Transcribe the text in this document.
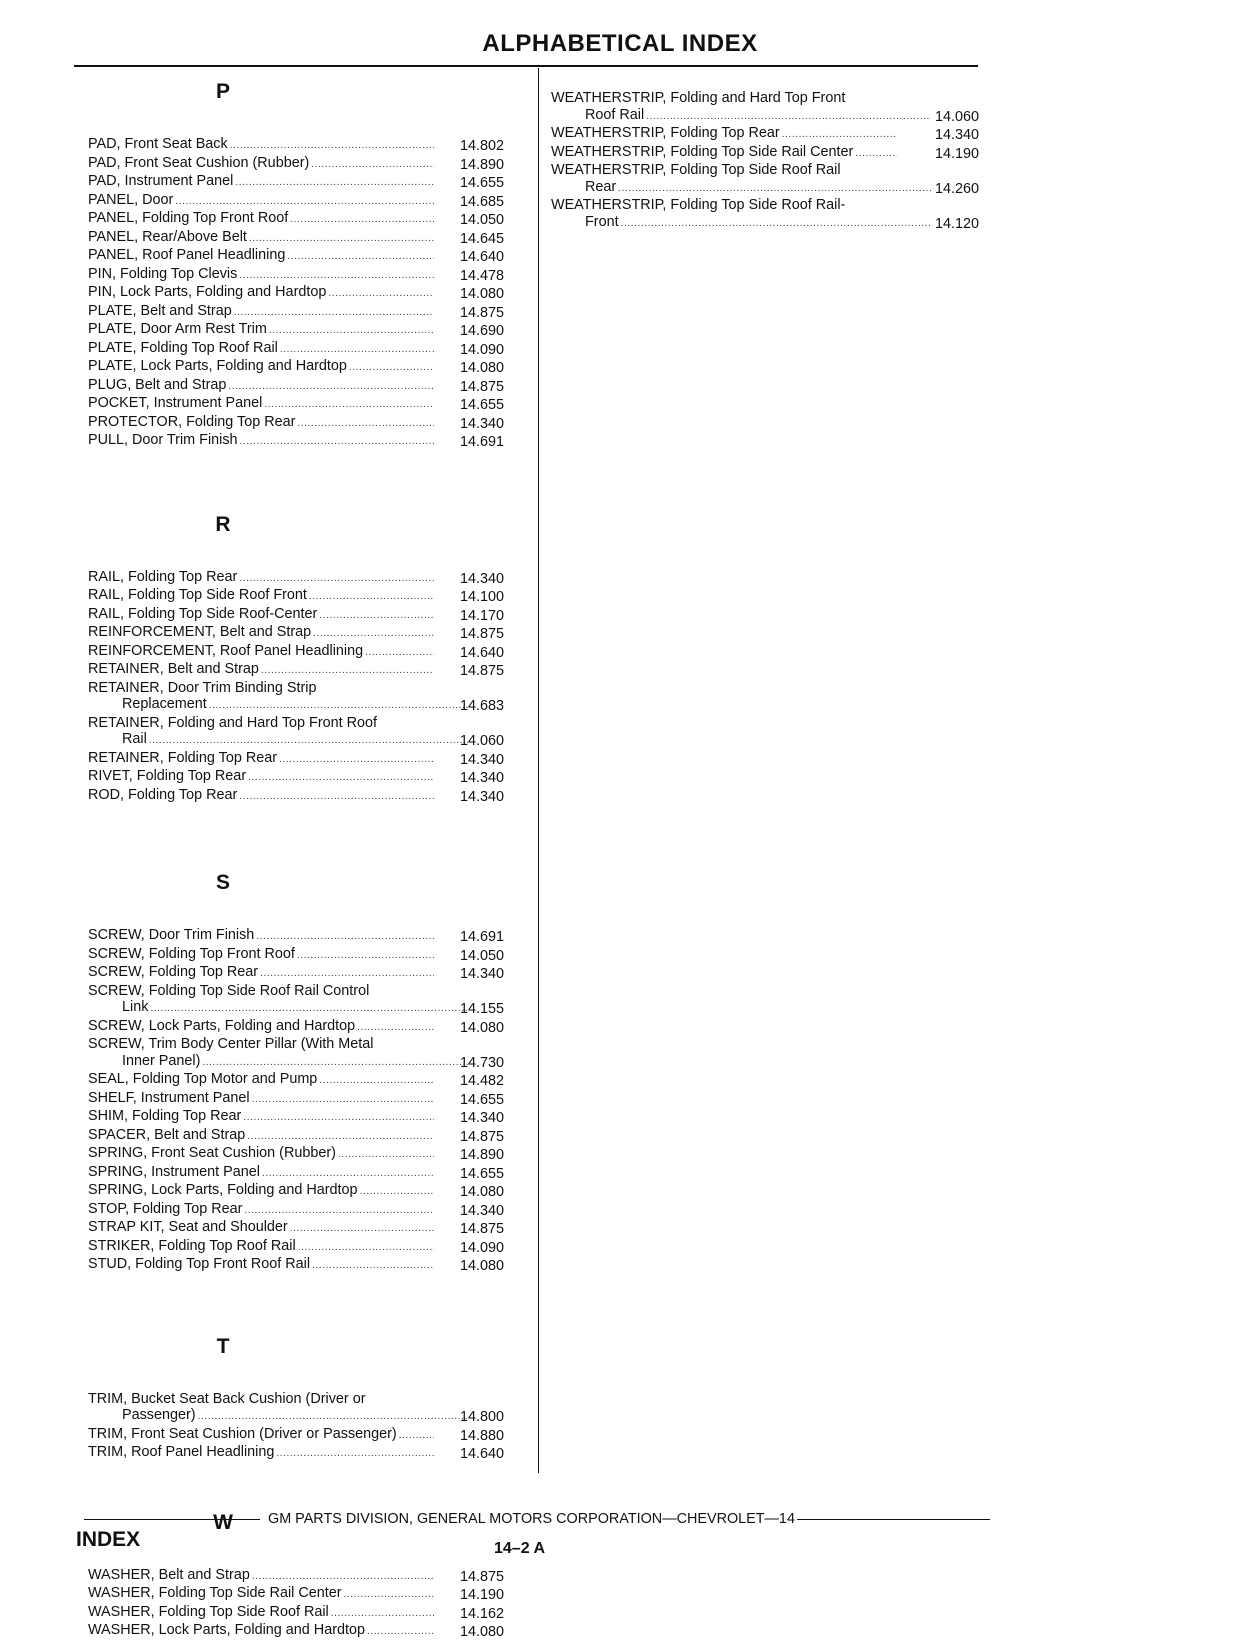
ALPHABETICAL INDEX
P
PAD, Front Seat Back .....	14.802
PAD, Front Seat Cushion (Rubber) .....	14.890
PAD, Instrument Panel .....	14.655
PANEL, Door .....	14.685
PANEL, Folding Top Front Roof .....	14.050
PANEL, Rear/Above Belt .....	14.645
PANEL, Roof Panel Headlining .....	14.640
PIN, Folding Top Clevis .....	14.478
PIN, Lock Parts, Folding and Hardtop .....	14.080
PLATE, Belt and Strap .....	14.875
PLATE, Door Arm Rest Trim .....	14.690
PLATE, Folding Top Roof Rail .....	14.090
PLATE, Lock Parts, Folding and Hardtop .....	14.080
PLUG, Belt and Strap .....	14.875
POCKET, Instrument Panel .....	14.655
PROTECTOR, Folding Top Rear .....	14.340
PULL, Door Trim Finish .....	14.691
R
RAIL, Folding Top Rear .....	14.340
RAIL, Folding Top Side Roof Front .....	14.100
RAIL, Folding Top Side Roof-Center .....	14.170
REINFORCEMENT, Belt and Strap .....	14.875
REINFORCEMENT, Roof Panel Headlining .....	14.640
RETAINER, Belt and Strap .....	14.875
RETAINER, Door Trim Binding Strip
Replacement .....	14.683
RETAINER, Folding and Hard Top Front Roof
Rail .....	14.060
RETAINER, Folding Top Rear .....	14.340
RIVET, Folding Top Rear .....	14.340
ROD, Folding Top Rear .....	14.340
S
SCREW, Door Trim Finish .....	14.691
SCREW, Folding Top Front Roof .....	14.050
SCREW, Folding Top Rear .....	14.340
SCREW, Folding Top Side Roof Rail Control
Link .....	14.155
SCREW, Lock Parts, Folding and Hardtop .....	14.080
SCREW, Trim Body Center Pillar (With Metal
Inner Panel) .....	14.730
SEAL, Folding Top Motor and Pump .....	14.482
SHELF, Instrument Panel .....	14.655
SHIM, Folding Top Rear .....	14.340
SPACER, Belt and Strap .....	14.875
SPRING, Front Seat Cushion (Rubber) .....	14.890
SPRING, Instrument Panel .....	14.655
SPRING, Lock Parts, Folding and Hardtop .....	14.080
STOP, Folding Top Rear .....	14.340
STRAP KIT, Seat and Shoulder .....	14.875
STRIKER, Folding Top Roof Rail .....	14.090
STUD, Folding Top Front Roof Rail .....	14.080
T
TRIM, Bucket Seat Back Cushion (Driver or
Passenger) .....	14.800
TRIM, Front Seat Cushion (Driver or Passenger) .....	14.880
TRIM, Roof Panel Headlining .....	14.640
W
WASHER, Belt and Strap .....	14.875
WASHER, Folding Top Side Rail Center .....	14.190
WASHER, Folding Top Side Roof Rail .....	14.162
WASHER, Lock Parts, Folding and Hardtop .....	14.080
WEATHERSTRIP, Folding and Hard Top Front
Roof Rail .....	14.060
WEATHERSTRIP, Folding Top Rear .....	14.340
WEATHERSTRIP, Folding Top Side Rail Center .....	14.190
WEATHERSTRIP, Folding Top Side Roof Rail
Rear .....	14.260
WEATHERSTRIP, Folding Top Side Roof Rail-
Front .....	14.120
GM PARTS DIVISION, GENERAL MOTORS CORPORATION—CHEVROLET—14
INDEX	14–2 A
